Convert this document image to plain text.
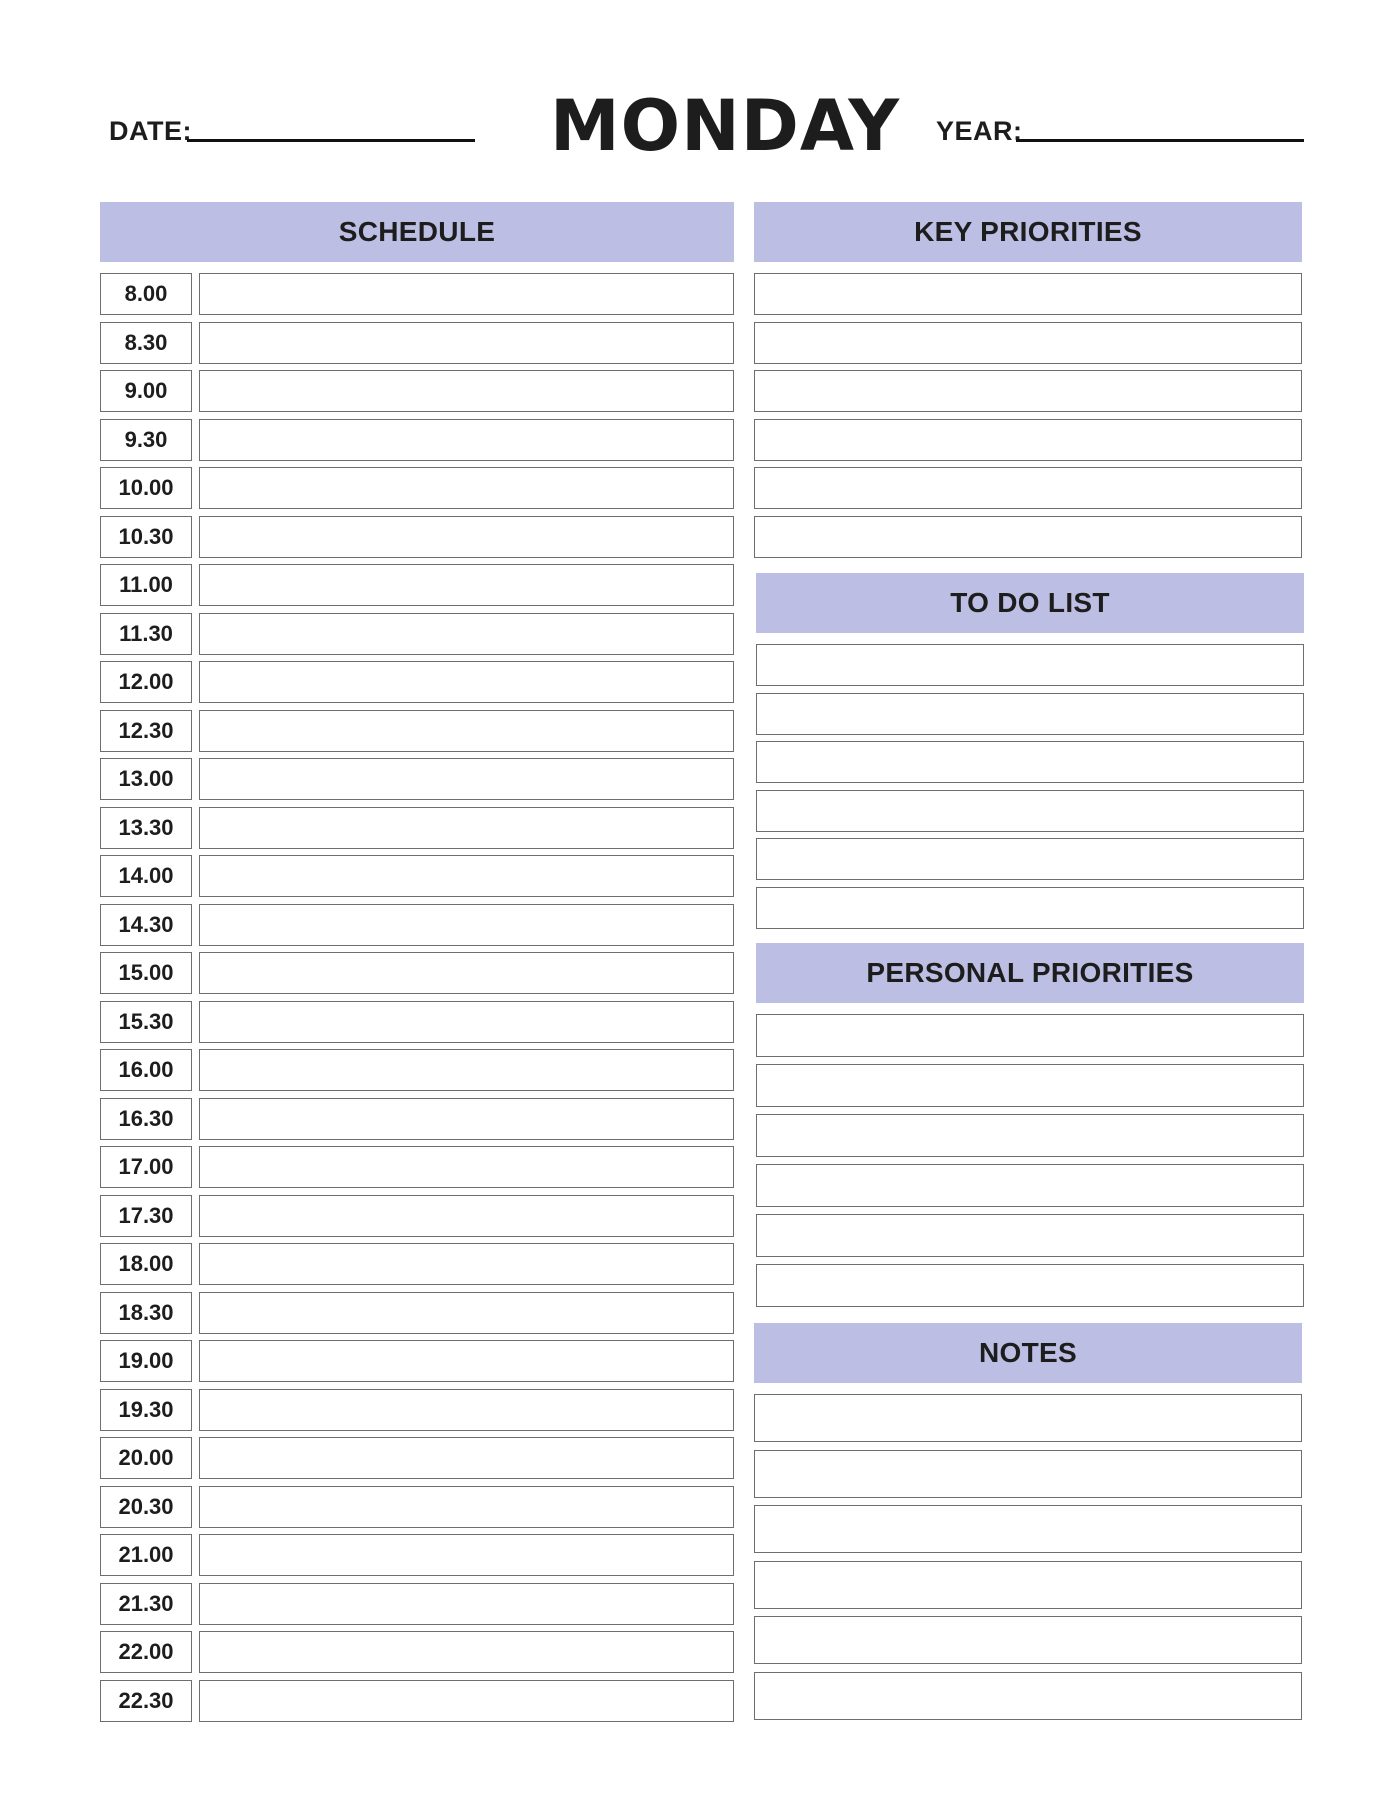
DATE:	MONDAY YEAR:
SCHEDULE
8.00
8.30
9.00
9.30
10.00
10.30
11.00
11.30
12.00
12.30
13.00
13.30
14.00
14.30
15.00
15.30
16.00
16.30
17.00
17.30
18.00
18.30
19.00
19.30
20.00
20.30
21.00
21.30
22.00
22.30
KEY PRIORITIES
TO DO LIST
PERSONAL PRIORITIES
NOTES
